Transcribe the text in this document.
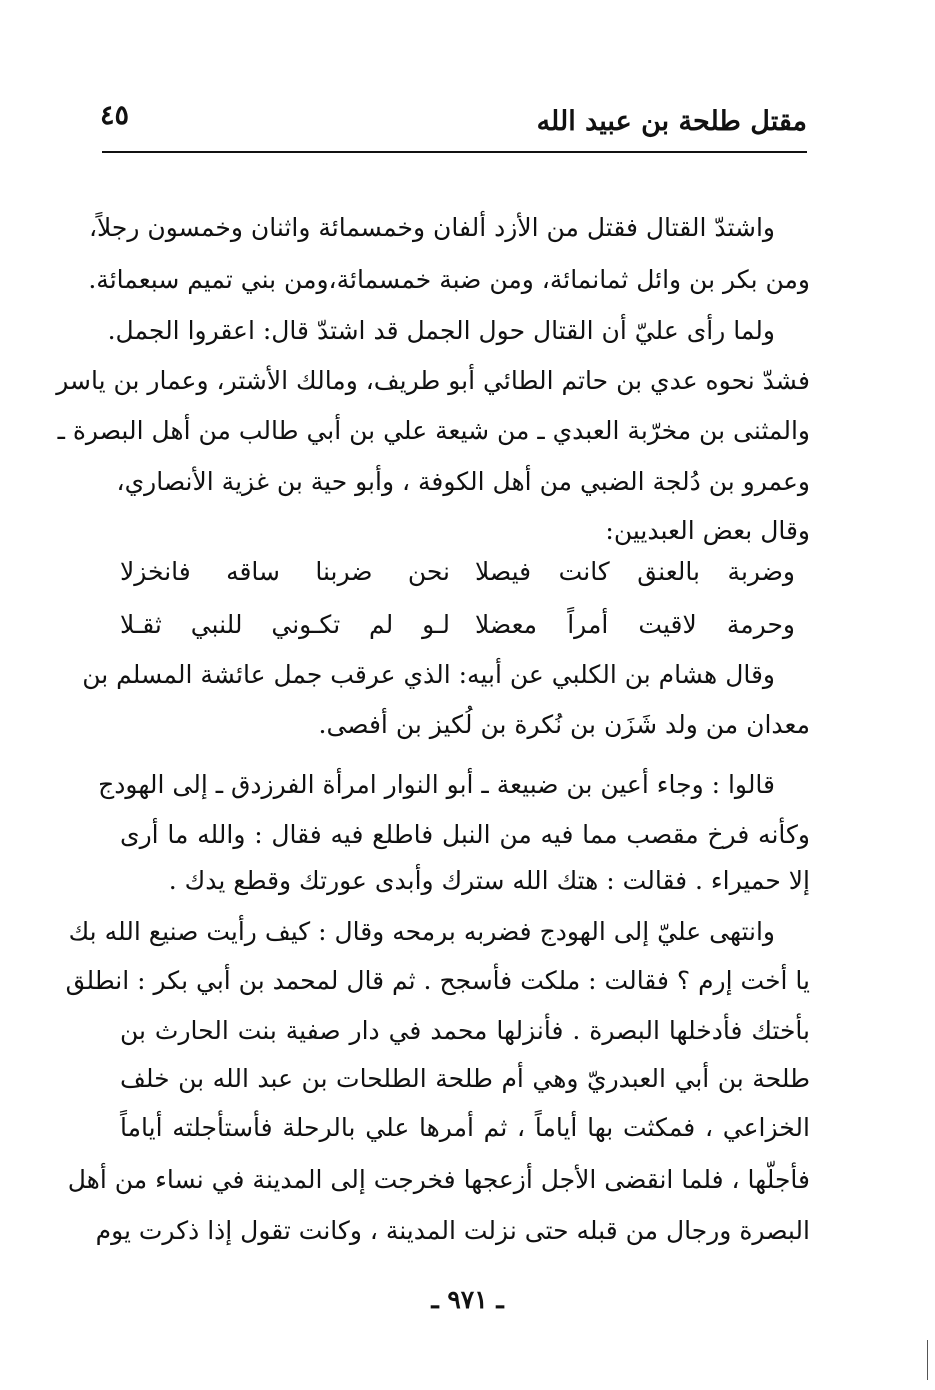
مقتل طلحة بن عبيد الله
٤٥
واشتدّ القتال فقتل من الأزد ألفان وخمسمائة واثنان وخمسون رجلاً،
ومن بكر بن وائل ثمانمائة، ومن ضبة خمسمائة،ومن بني تميم سبعمائة.
ولما رأى عليّ أن القتال حول الجمل قد اشتدّ قال: اعقروا الجمل.
فشدّ نحوه عدي بن حاتم الطائي أبو طريف، ومالك الأشتر، وعمار بن ياسر
والمثنى بن مخرّبة العبدي ـ من شيعة علي بن أبي طالب من أهل البصرة ـ
وعمرو بن دُلجة الضبي من أهل الكوفة ، وأبو حية بن غزية الأنصاري،
وقال بعض العبديين:
نحن ضربنا ساقه فانخزلا وضربة بالعنق كانت فيصلا
لـو لم تكـوني للنبي ثقـلا وحرمة لاقيت أمراً معضلا
وقال هشام بن الكلبي عن أبيه: الذي عرقب جمل عائشة المسلم بن
معدان من ولد شَزَن بن نُكرة بن لُكيز بن أفصى.
قالوا : وجاء أعين بن ضبيعة ـ أبو النوار امرأة الفرزدق ـ إلى الهودج
وكأنه فرخ مقصب مما فيه من النبل فاطلع فيه فقال : والله ما أرى
إلا حميراء . فقالت : هتك الله سترك وأبدى عورتك وقطع يدك .
وانتهى عليّ إلى الهودج فضربه برمحه وقال : كيف رأيت صنيع الله بك
يا أخت إرم ؟ فقالت : ملكت فأسجح . ثم قال لمحمد بن أبي بكر : انطلق
بأختك فأدخلها البصرة . فأنزلها محمد في دار صفية بنت الحارث بن
طلحة بن أبي العبدريّ وهي أم طلحة الطلحات بن عبد الله بن خلف
الخزاعي ، فمكثت بها أياماً ، ثم أمرها علي بالرحلة فأستأجلته أياماً
فأجلّها ، فلما انقضى الأجل أزعجها فخرجت إلى المدينة في نساء من أهل
البصرة ورجال من قبله حتى نزلت المدينة ، وكانت تقول إذا ذكرت يوم
ـ ٩٧١ ـ
